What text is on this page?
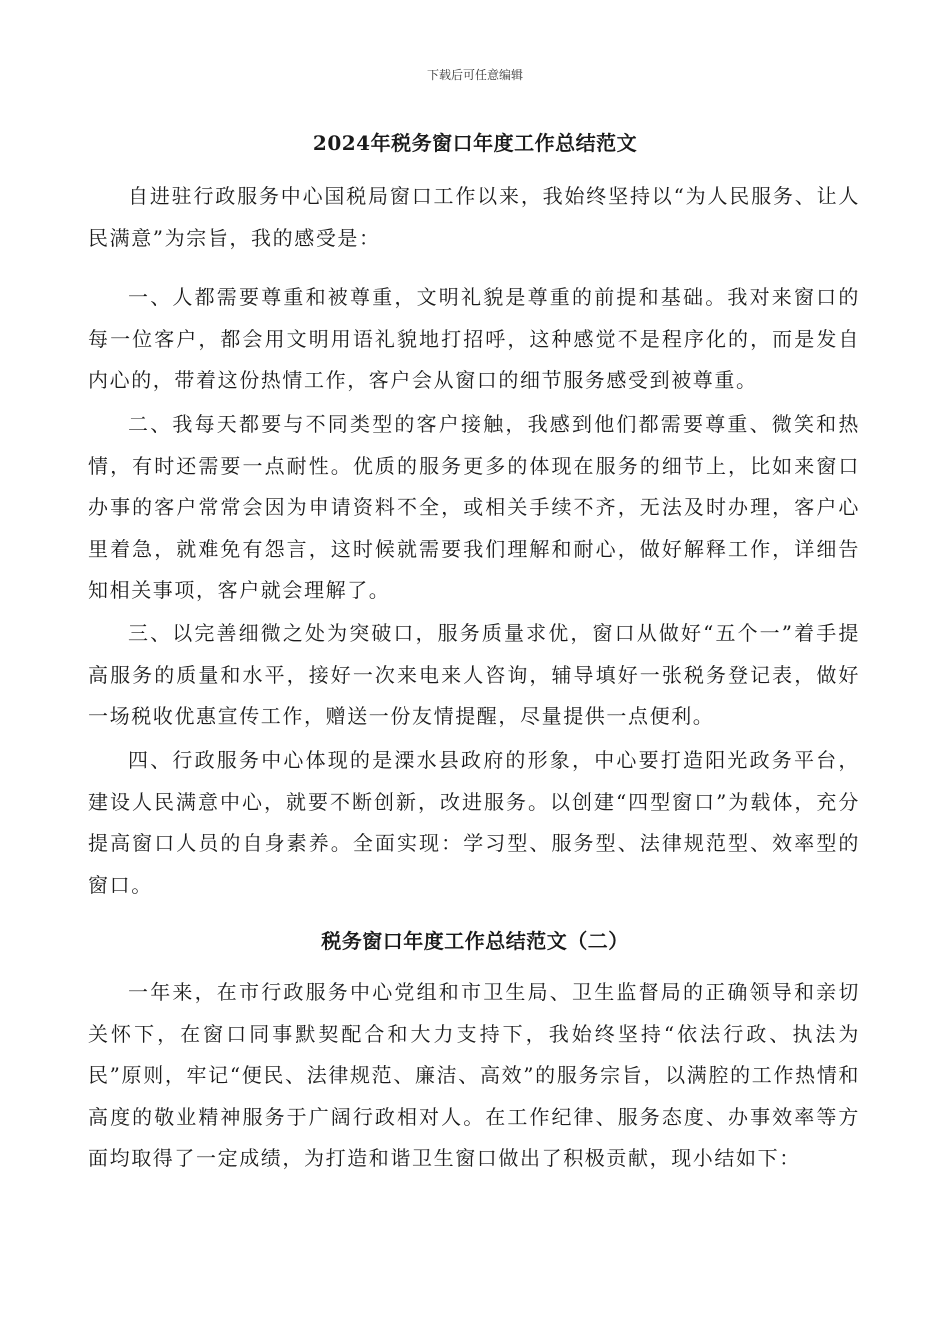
下载后可任意编辑
2024年税务窗口年度工作总结范文

自进驻行政服务中心国税局窗口工作以来，我始终坚持以“为人民服务、让人民满意”为宗旨，我的感受是：

一、人都需要尊重和被尊重，文明礼貌是尊重的前提和基础。我对来窗口的每一位客户，都会用文明用语礼貌地打招呼，这种感觉不是程序化的，而是发自内心的，带着这份热情工作，客户会从窗口的细节服务感受到被尊重。

二、我每天都要与不同类型的客户接触，我感到他们都需要尊重、微笑和热情，有时还需要一点耐性。优质的服务更多的体现在服务的细节上，比如来窗口办事的客户常常会因为申请资料不全，或相关手续不齐，无法及时办理，客户心里着急，就难免有怨言，这时候就需要我们理解和耐心，做好解释工作，详细告知相关事项，客户就会理解了。

三、以完善细微之处为突破口，服务质量求优，窗口从做好“五个一”着手提高服务的质量和水平，接好一次来电来人咨询，辅导填好一张税务登记表，做好一场税收优惠宣传工作，赠送一份友情提醒，尽量提供一点便利。

四、行政服务中心体现的是溧水县政府的形象，中心要打造阳光政务平台，建设人民满意中心，就要不断创新，改进服务。以创建“四型窗口”为载体，充分提高窗口人员的自身素养。全面实现：学习型、服务型、法律规范型、效率型的窗口。

税务窗口年度工作总结范文（二）

一年来，在市行政服务中心党组和市卫生局、卫生监督局的正确领导和亲切关怀下，在窗口同事默契配合和大力支持下，我始终坚持“依法行政、执法为民”原则，牢记“便民、法律规范、廉洁、高效”的服务宗旨，以满腔的工作热情和高度的敬业精神服务于广阔行政相对人。在工作纪律、服务态度、办事效率等方面均取得了一定成绩，为打造和谐卫生窗口做出了积极贡献，现小结如下：
